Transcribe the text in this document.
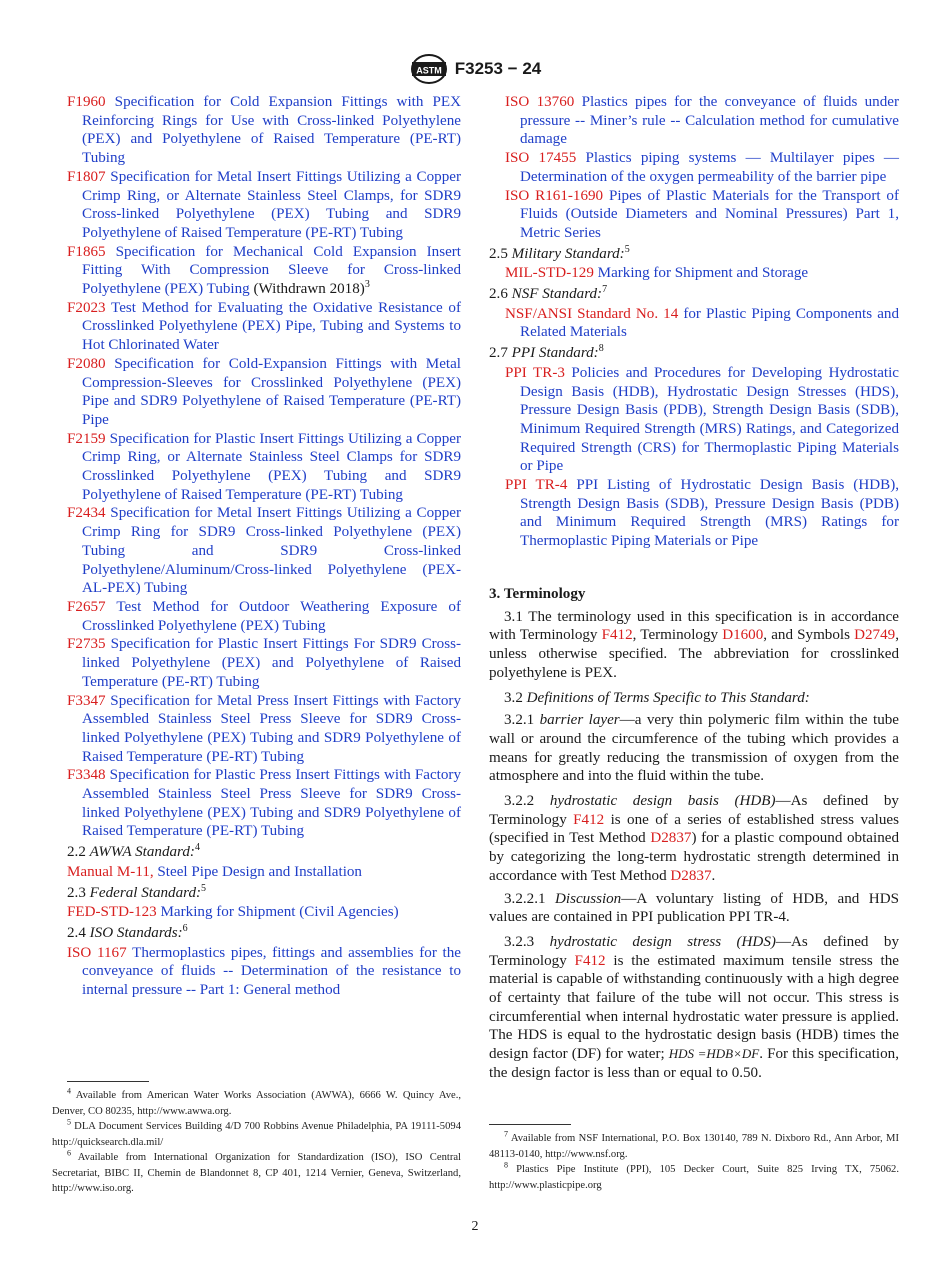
ASTM F3253 − 24

F1960 Specification for Cold Expansion Fittings with PEX Reinforcing Rings for Use with Cross-linked Polyethylene (PEX) and Polyethylene of Raised Temperature (PE-RT) Tubing

F1807 Specification for Metal Insert Fittings Utilizing a Copper Crimp Ring, or Alternate Stainless Steel Clamps, for SDR9 Cross-linked Polyethylene (PEX) Tubing and SDR9 Polyethylene of Raised Temperature (PE-RT) Tubing

F1865 Specification for Mechanical Cold Expansion Insert Fitting With Compression Sleeve for Cross-linked Polyethylene (PEX) Tubing (Withdrawn 2018)$^3$

F2023 Test Method for Evaluating the Oxidative Resistance of Crosslinked Polyethylene (PEX) Pipe, Tubing and Systems to Hot Chlorinated Water

F2080 Specification for Cold-Expansion Fittings with Metal Compression-Sleeves for Crosslinked Polyethylene (PEX) Pipe and SDR9 Polyethylene of Raised Temperature (PE-RT) Pipe

F2159 Specification for Plastic Insert Fittings Utilizing a Copper Crimp Ring, or Alternate Stainless Steel Clamps for SDR9 Crosslinked Polyethylene (PEX) Tubing and SDR9 Polyethylene of Raised Temperature (PE-RT) Tubing

F2434 Specification for Metal Insert Fittings Utilizing a Copper Crimp Ring for SDR9 Cross-linked Polyethylene (PEX) Tubing and SDR9 Cross-linked Polyethylene/Aluminum/Cross-linked Polyethylene (PEX-AL-PEX) Tubing

F2657 Test Method for Outdoor Weathering Exposure of Crosslinked Polyethylene (PEX) Tubing

F2735 Specification for Plastic Insert Fittings For SDR9 Cross-linked Polyethylene (PEX) and Polyethylene of Raised Temperature (PE-RT) Tubing

F3347 Specification for Metal Press Insert Fittings with Factory Assembled Stainless Steel Press Sleeve for SDR9 Cross-linked Polyethylene (PEX) Tubing and SDR9 Polyethylene of Raised Temperature (PE-RT) Tubing

F3348 Specification for Plastic Press Insert Fittings with Factory Assembled Stainless Steel Press Sleeve for SDR9 Cross-linked Polyethylene (PEX) Tubing and SDR9 Polyethylene of Raised Temperature (PE-RT) Tubing

2.2 AWWA Standard:$^4$

Manual M-11, Steel Pipe Design and Installation

2.3 Federal Standard:$^5$

FED-STD-123 Marking for Shipment (Civil Agencies)

2.4 ISO Standards:$^6$

ISO 1167 Thermoplastics pipes, fittings and assemblies for the conveyance of fluids -- Determination of the resistance to internal pressure -- Part 1: General method

ISO 13760 Plastics pipes for the conveyance of fluids under pressure -- Miner’s rule -- Calculation method for cumulative damage

ISO 17455 Plastics piping systems — Multilayer pipes — Determination of the oxygen permeability of the barrier pipe

ISO R161-1690 Pipes of Plastic Materials for the Transport of Fluids (Outside Diameters and Nominal Pressures) Part 1, Metric Series

2.5 Military Standard:$^5$

MIL-STD-129 Marking for Shipment and Storage

2.6 NSF Standard:$^7$

NSF/ANSI Standard No. 14 for Plastic Piping Components and Related Materials

2.7 PPI Standard:$^8$

PPI TR-3 Policies and Procedures for Developing Hydrostatic Design Basis (HDB), Hydrostatic Design Stresses (HDS), Pressure Design Basis (PDB), Strength Design Basis (SDB), Minimum Required Strength (MRS) Ratings, and Categorized Required Strength (CRS) for Thermoplastic Piping Materials or Pipe

PPI TR-4 PPI Listing of Hydrostatic Design Basis (HDB), Strength Design Basis (SDB), Pressure Design Basis (PDB) and Minimum Required Strength (MRS) Ratings for Thermoplastic Piping Materials or Pipe

3. Terminology

3.1 The terminology used in this specification is in accordance with Terminology F412, Terminology D1600, and Symbols D2749, unless otherwise specified. The abbreviation for crosslinked polyethylene is PEX.

3.2 Definitions of Terms Specific to This Standard:

3.2.1 barrier layer—a very thin polymeric film within the tube wall or around the circumference of the tubing which provides a means for greatly reducing the transmission of oxygen from the atmosphere and into the fluid within the tube.

3.2.2 hydrostatic design basis (HDB)—As defined by Terminology F412 is one of a series of established stress values (specified in Test Method D2837) for a plastic compound obtained by categorizing the long-term hydrostatic strength determined in accordance with Test Method D2837.

3.2.2.1 Discussion—A voluntary listing of HDB, and HDS values are contained in PPI publication PPI TR-4.

3.2.3 hydrostatic design stress (HDS)—As defined by Terminology F412 is the estimated maximum tensile stress the material is capable of withstanding continuously with a high degree of certainty that failure of the tube will not occur. This stress is circumferential when internal hydrostatic water pressure is applied. The HDS is equal to the hydrostatic design basis (HDB) times the design factor (DF) for water; HDS =HDB×DF. For this specification, the design factor is less than or equal to 0.50.

$^4$ Available from American Water Works Association (AWWA), 6666 W. Quincy Ave., Denver, CO 80235, http://www.awwa.org.

$^5$ DLA Document Services Building 4/D 700 Robbins Avenue Philadelphia, PA 19111-5094 http://quicksearch.dla.mil/

$^6$ Available from International Organization for Standardization (ISO), ISO Central Secretariat, BIBC II, Chemin de Blandonnet 8, CP 401, 1214 Vernier, Geneva, Switzerland, http://www.iso.org.

$^7$ Available from NSF International, P.O. Box 130140, 789 N. Dixboro Rd., Ann Arbor, MI 48113-0140, http://www.nsf.org.

$^8$ Plastics Pipe Institute (PPI), 105 Decker Court, Suite 825 Irving TX, 75062. http://www.plasticpipe.org

2
